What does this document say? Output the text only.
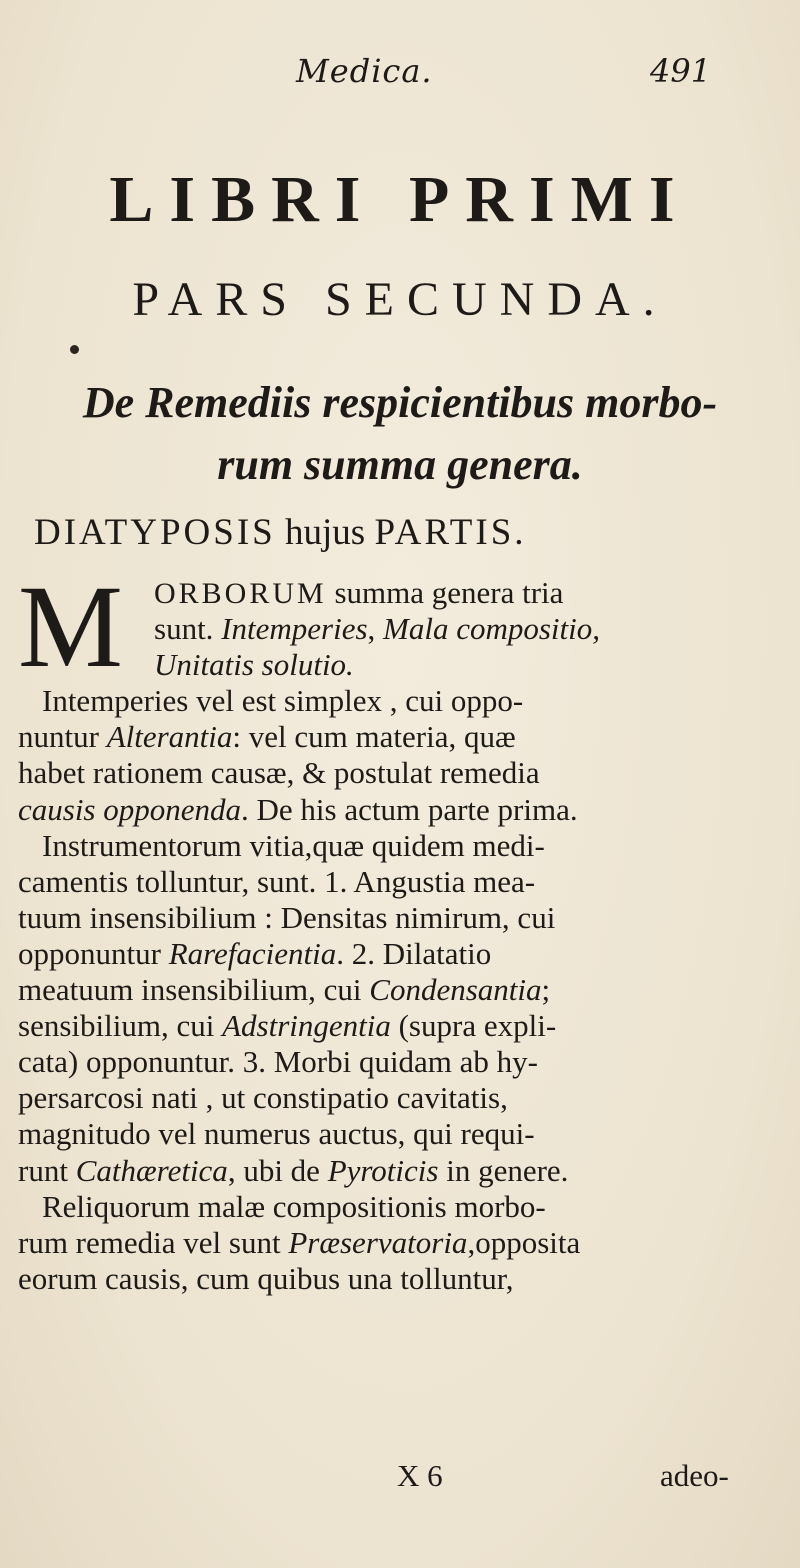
Medica.	491
LIBRI PRIMI
PARS SECUNDA.
De Remediis respicientibus morbo-
rum summa genera.
DIATYPOSIS hujus PARTIS.
M	ORBORUM summa genera tria
sunt. Intemperies, Mala compositio,
Unitatis solutio.
Intemperies vel est simplex , cui oppo-
nuntur Alterantia: vel cum materia, quæ
habet rationem causæ, & postulat remedia
causis opponenda. De his actum parte prima.
Instrumentorum vitia,quæ quidem medi-
camentis tolluntur, sunt. 1. Angustia mea-
tuum insensibilium : Densitas nimirum, cui
opponuntur Rarefacientia. 2. Dilatatio
meatuum insensibilium, cui Condensantia;
sensibilium, cui Adstringentia (supra expli-
cata) opponuntur. 3. Morbi quidam ab hy-
persarcosi nati , ut constipatio cavitatis,
magnitudo vel numerus auctus, qui requi-
runt Cathæretica, ubi de Pyroticis in genere.
Reliquorum malæ compositionis morbo-
rum remedia vel sunt Præservatoria,opposita
eorum causis, cum quibus una tolluntur,
X 6	adeo-
